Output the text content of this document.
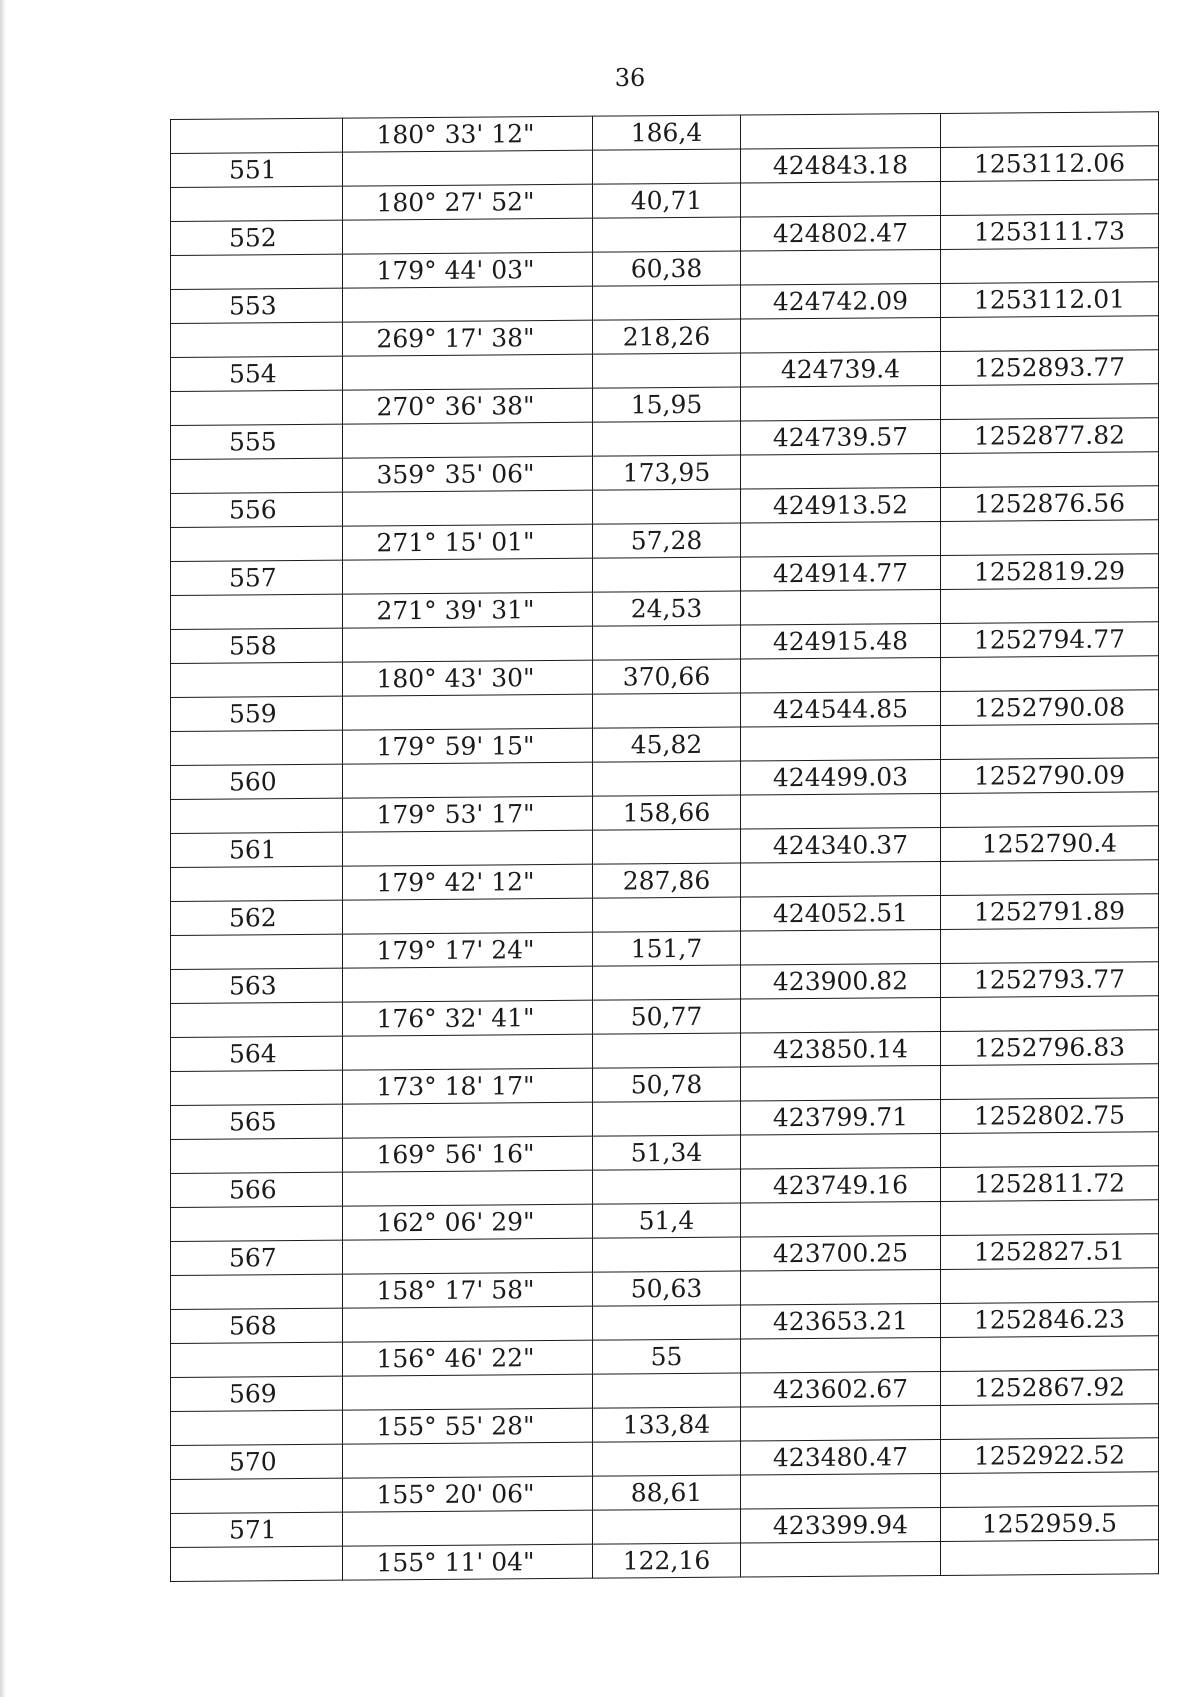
36
	180° 33' 12"	186,4		
551			424843.18	1253112.06
	180° 27' 52"	40,71		
552			424802.47	1253111.73
	179° 44' 03"	60,38		
553			424742.09	1253112.01
	269° 17' 38"	218,26		
554			424739.4	1252893.77
	270° 36' 38"	15,95		
555			424739.57	1252877.82
	359° 35' 06"	173,95		
556			424913.52	1252876.56
	271° 15' 01"	57,28		
557			424914.77	1252819.29
	271° 39' 31"	24,53		
558			424915.48	1252794.77
	180° 43' 30"	370,66		
559			424544.85	1252790.08
	179° 59' 15"	45,82		
560			424499.03	1252790.09
	179° 53' 17"	158,66		
561			424340.37	1252790.4
	179° 42' 12"	287,86		
562			424052.51	1252791.89
	179° 17' 24"	151,7		
563			423900.82	1252793.77
	176° 32' 41"	50,77		
564			423850.14	1252796.83
	173° 18' 17"	50,78		
565			423799.71	1252802.75
	169° 56' 16"	51,34		
566			423749.16	1252811.72
	162° 06' 29"	51,4		
567			423700.25	1252827.51
	158° 17' 58"	50,63		
568			423653.21	1252846.23
	156° 46' 22"	55		
569			423602.67	1252867.92
	155° 55' 28"	133,84		
570			423480.47	1252922.52
	155° 20' 06"	88,61		
571			423399.94	1252959.5
	155° 11' 04"	122,16		
